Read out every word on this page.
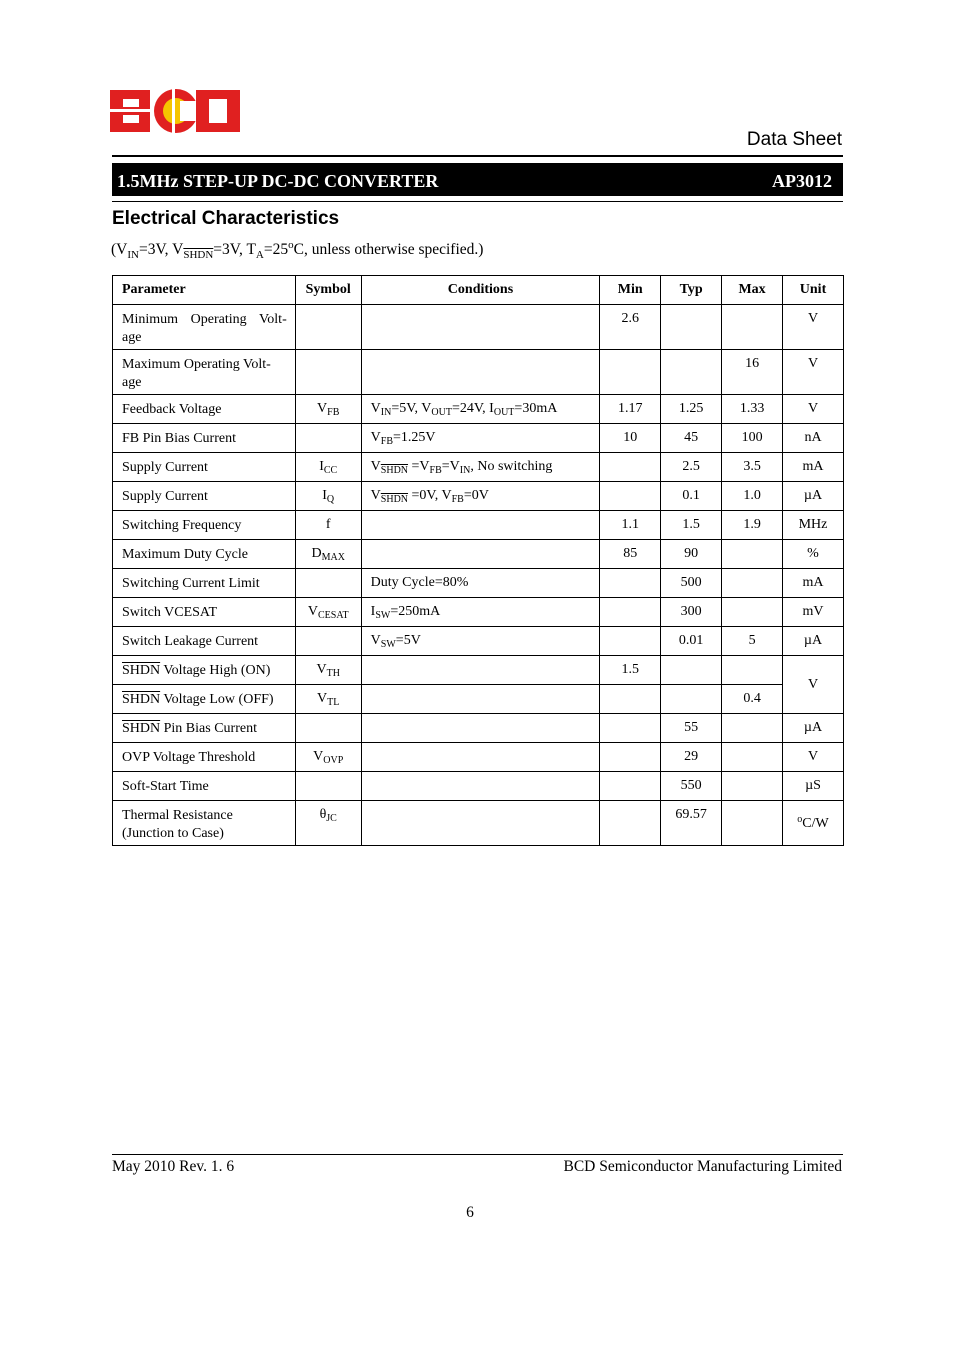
Data Sheet
1.5MHz STEP-UP DC-DC CONVERTER	AP3012
Electrical Characteristics
($V_{IN}=3V$, $V_{SHDN}=3V$, $T_A=25^oC$, unless otherwise specified.)
Parameter	Symbol	Conditions	Min	Typ	Max	Unit
Minimum Operating Volt-age			2.6			V
Maximum Operating Volt-age					16	V
Feedback Voltage	$V_{FB}$	$V_{IN}=5V$, $V_{OUT}=24V$, $I_{OUT}=30mA$	1.17	1.25	1.33	V
FB Pin Bias Current		$V_{FB}=1.25V$	10	45	100	nA
Supply Current	$I_{CC}$	$V_{SHDN} =V_{FB}=V_{IN}$, No switching		2.5	3.5	mA
Supply Current	$I_Q$	$V_{SHDN} =0V$, $V_{FB}=0V$		0.1	1.0	µA
Switching Frequency	f		1.1	1.5	1.9	MHz
Maximum Duty Cycle	$D_{MAX}$		85	90		%
Switching Current Limit		Duty Cycle=80%		500		mA
Switch VCESAT	$V_{CESAT}$	$I_{SW}=250mA$		300		mV
Switch Leakage Current		$V_{SW}=5V$		0.01	5	µA
SHDN Voltage High (ON)	$V_{TH}$		1.5			V
SHDN Voltage Low (OFF)	$V_{TL}$				0.4	
SHDN Pin Bias Current				55		µA
OVP Voltage Threshold	$V_{OVP}$			29		V
Soft-Start Time				550		µS
Thermal Resistance (Junction to Case)	$\theta_{JC}$			69.57		$^o$C/W
May 2010 Rev. 1. 6	BCD Semiconductor Manufacturing Limited
6
